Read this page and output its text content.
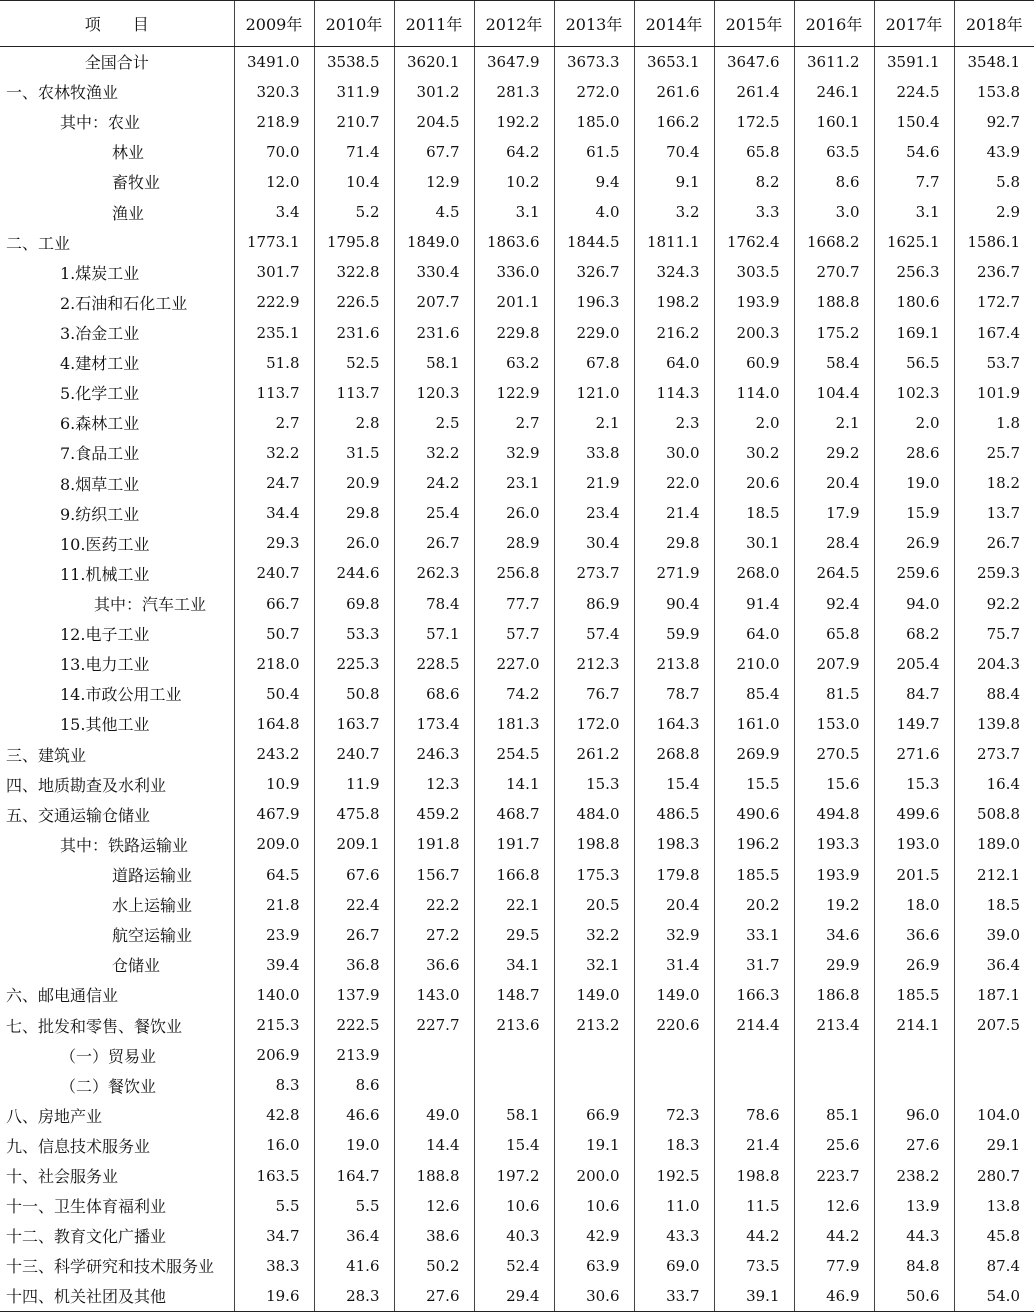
项　　目	2009年	2010年	2011年	2012年	2013年	2014年	2015年	2016年	2017年	2018年
全国合计	3491.0	3538.5	3620.1	3647.9	3673.3	3653.1	3647.6	3611.2	3591.1	3548.1
一、农林牧渔业	320.3	311.9	301.2	281.3	272.0	261.6	261.4	246.1	224.5	153.8
其中：农业	218.9	210.7	204.5	192.2	185.0	166.2	172.5	160.1	150.4	92.7
林业	70.0	71.4	67.7	64.2	61.5	70.4	65.8	63.5	54.6	43.9
畜牧业	12.0	10.4	12.9	10.2	9.4	9.1	8.2	8.6	7.7	5.8
渔业	3.4	5.2	4.5	3.1	4.0	3.2	3.3	3.0	3.1	2.9
二、工业	1773.1	1795.8	1849.0	1863.6	1844.5	1811.1	1762.4	1668.2	1625.1	1586.1
1.煤炭工业	301.7	322.8	330.4	336.0	326.7	324.3	303.5	270.7	256.3	236.7
2.石油和石化工业	222.9	226.5	207.7	201.1	196.3	198.2	193.9	188.8	180.6	172.7
3.冶金工业	235.1	231.6	231.6	229.8	229.0	216.2	200.3	175.2	169.1	167.4
4.建材工业	51.8	52.5	58.1	63.2	67.8	64.0	60.9	58.4	56.5	53.7
5.化学工业	113.7	113.7	120.3	122.9	121.0	114.3	114.0	104.4	102.3	101.9
6.森林工业	2.7	2.8	2.5	2.7	2.1	2.3	2.0	2.1	2.0	1.8
7.食品工业	32.2	31.5	32.2	32.9	33.8	30.0	30.2	29.2	28.6	25.7
8.烟草工业	24.7	20.9	24.2	23.1	21.9	22.0	20.6	20.4	19.0	18.2
9.纺织工业	34.4	29.8	25.4	26.0	23.4	21.4	18.5	17.9	15.9	13.7
10.医药工业	29.3	26.0	26.7	28.9	30.4	29.8	30.1	28.4	26.9	26.7
11.机械工业	240.7	244.6	262.3	256.8	273.7	271.9	268.0	264.5	259.6	259.3
其中：汽车工业	66.7	69.8	78.4	77.7	86.9	90.4	91.4	92.4	94.0	92.2
12.电子工业	50.7	53.3	57.1	57.7	57.4	59.9	64.0	65.8	68.2	75.7
13.电力工业	218.0	225.3	228.5	227.0	212.3	213.8	210.0	207.9	205.4	204.3
14.市政公用工业	50.4	50.8	68.6	74.2	76.7	78.7	85.4	81.5	84.7	88.4
15.其他工业	164.8	163.7	173.4	181.3	172.0	164.3	161.0	153.0	149.7	139.8
三、建筑业	243.2	240.7	246.3	254.5	261.2	268.8	269.9	270.5	271.6	273.7
四、地质勘查及水利业	10.9	11.9	12.3	14.1	15.3	15.4	15.5	15.6	15.3	16.4
五、交通运输仓储业	467.9	475.8	459.2	468.7	484.0	486.5	490.6	494.8	499.6	508.8
其中：铁路运输业	209.0	209.1	191.8	191.7	198.8	198.3	196.2	193.3	193.0	189.0
道路运输业	64.5	67.6	156.7	166.8	175.3	179.8	185.5	193.9	201.5	212.1
水上运输业	21.8	22.4	22.2	22.1	20.5	20.4	20.2	19.2	18.0	18.5
航空运输业	23.9	26.7	27.2	29.5	32.2	32.9	33.1	34.6	36.6	39.0
仓储业	39.4	36.8	36.6	34.1	32.1	31.4	31.7	29.9	26.9	36.4
六、邮电通信业	140.0	137.9	143.0	148.7	149.0	149.0	166.3	186.8	185.5	187.1
七、批发和零售、餐饮业	215.3	222.5	227.7	213.6	213.2	220.6	214.4	213.4	214.1	207.5
（一）贸易业	206.9	213.9								
（二）餐饮业	8.3	8.6								
八、房地产业	42.8	46.6	49.0	58.1	66.9	72.3	78.6	85.1	96.0	104.0
九、信息技术服务业	16.0	19.0	14.4	15.4	19.1	18.3	21.4	25.6	27.6	29.1
十、社会服务业	163.5	164.7	188.8	197.2	200.0	192.5	198.8	223.7	238.2	280.7
十一、卫生体育福利业	5.5	5.5	12.6	10.6	10.6	11.0	11.5	12.6	13.9	13.8
十二、教育文化广播业	34.7	36.4	38.6	40.3	42.9	43.3	44.2	44.2	44.3	45.8
十三、科学研究和技术服务业	38.3	41.6	50.2	52.4	63.9	69.0	73.5	77.9	84.8	87.4
十四、机关社团及其他	19.6	28.3	27.6	29.4	30.6	33.7	39.1	46.9	50.6	54.0
